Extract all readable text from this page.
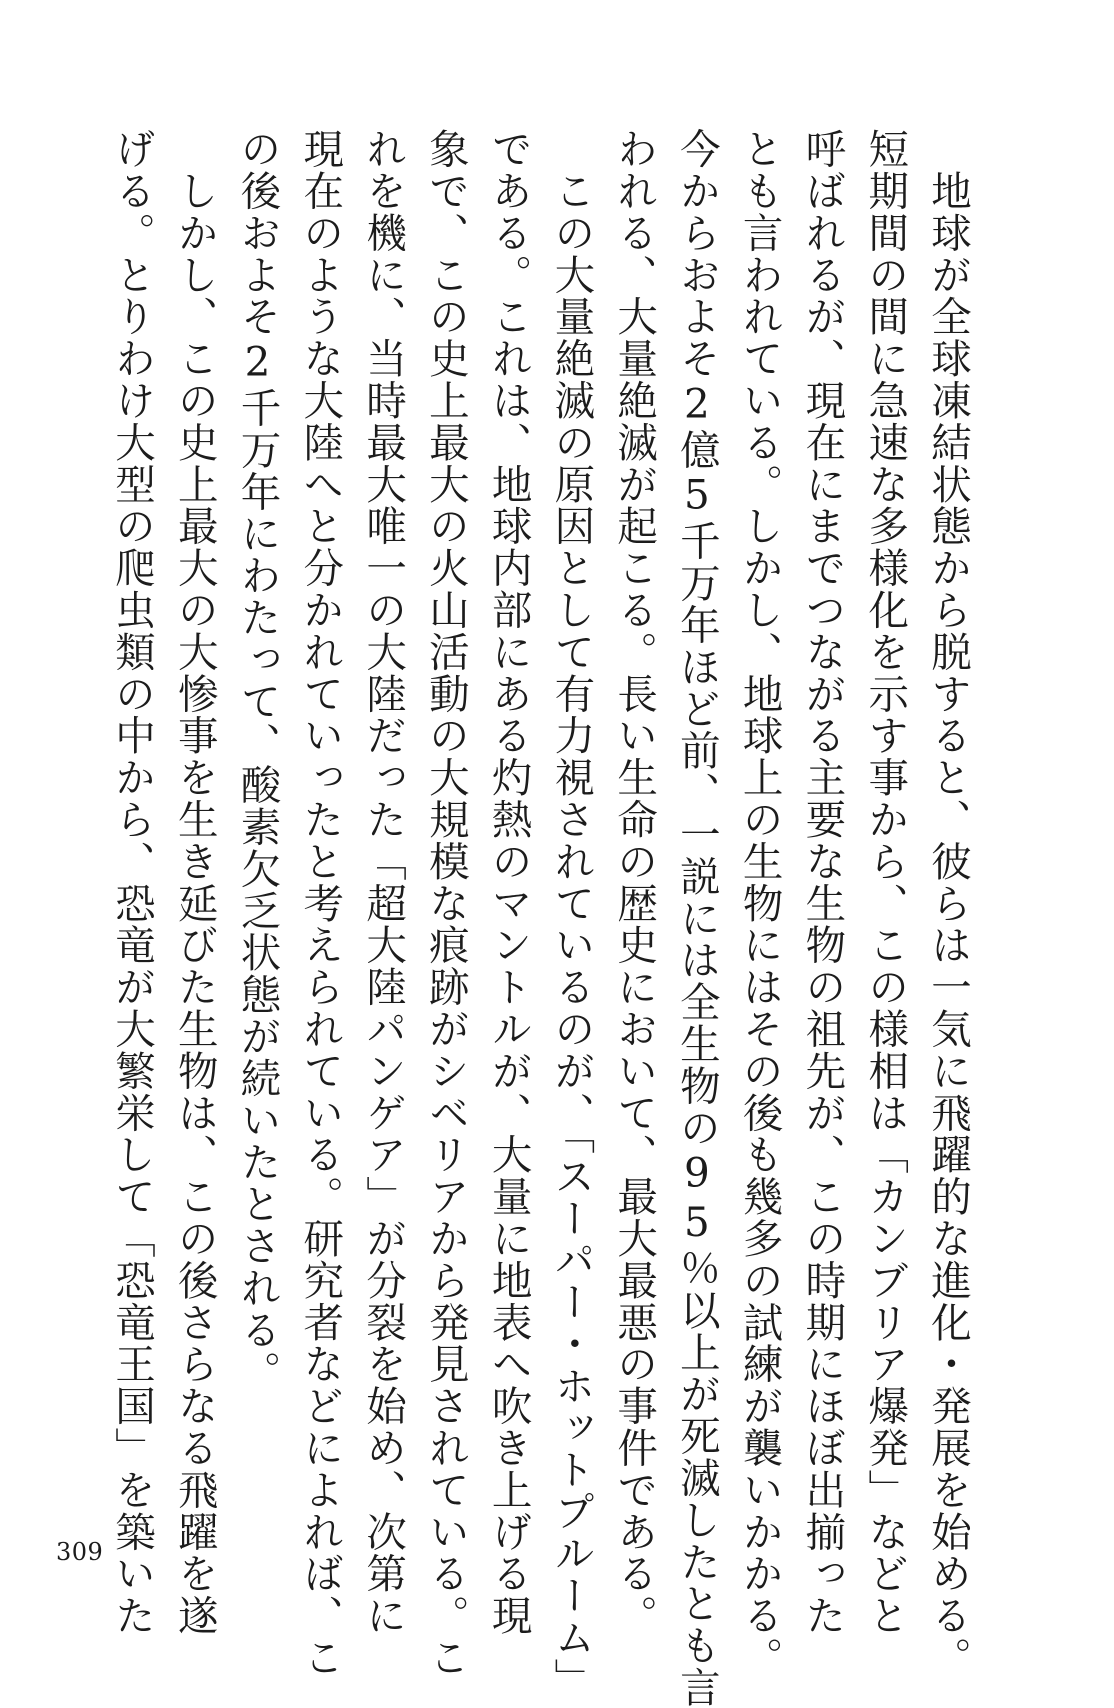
　地球が全球凍結状態から脱すると、彼らは一気に飛躍的な進化・発展を始める。
短期間の間に急速な多様化を示す事から、この様相は「カンブリア爆発」などと
呼ばれるが、現在にまでつながる主要な生物の祖先が、この時期にほぼ出揃った
とも言われている。しかし、地球上の生物にはその後も幾多の試練が襲いかかる。
今からおよそ2億5千万年ほど前、一説には全生物の95％以上が死滅したとも言
われる、大量絶滅が起こる。長い生命の歴史において、最大最悪の事件である。
　この大量絶滅の原因として有力視されているのが、「スーパー・ホットプルーム」
である。これは、地球内部にある灼熱のマントルが、大量に地表へ吹き上げる現
象で、この史上最大の火山活動の大規模な痕跡がシベリアから発見されている。こ
れを機に、当時最大唯一の大陸だった「超大陸パンゲア」が分裂を始め、次第に
現在のような大陸へと分かれていったと考えられている。研究者などによれば、こ
の後およそ2千万年にわたって、酸素欠乏状態が続いたとされる。
　しかし、この史上最大の大惨事を生き延びた生物は、この後さらなる飛躍を遂
げる。とりわけ大型の爬虫類の中から、恐竜が大繁栄して「恐竜王国」を築いた
309
